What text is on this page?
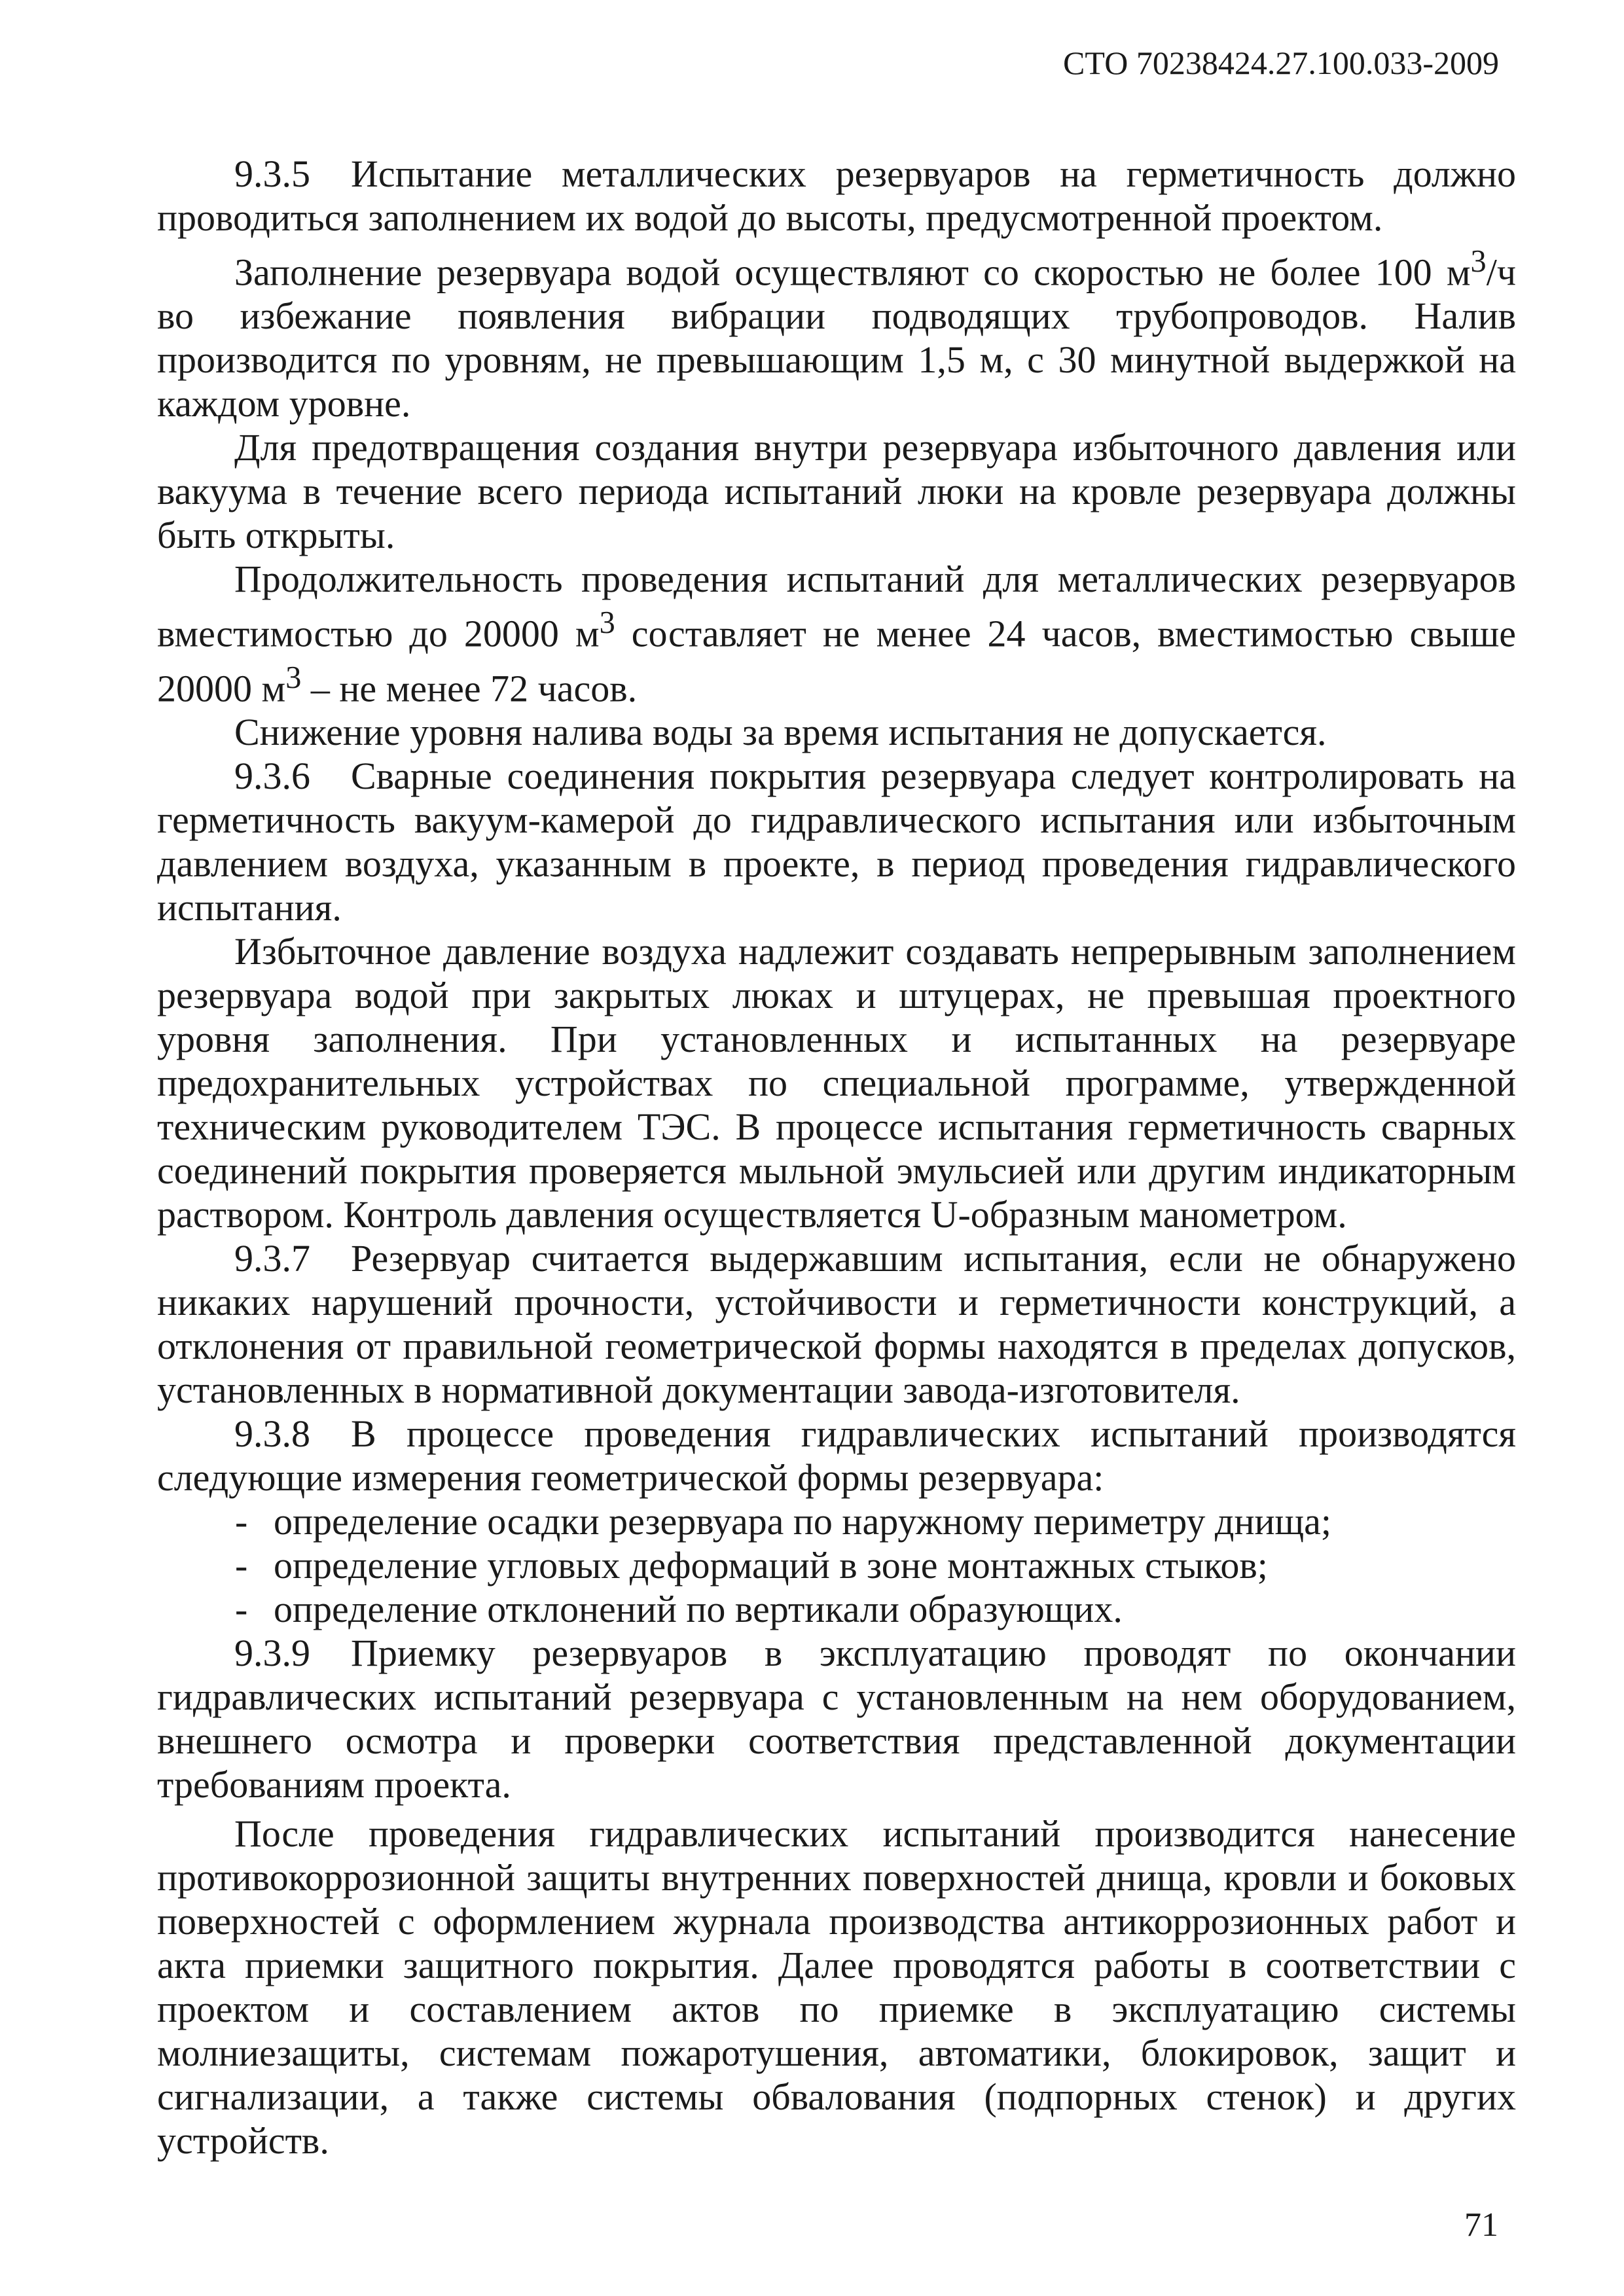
СТО 70238424.27.100.033-2009

9.3.5 Испытание металлических резервуаров на герметичность должно проводиться заполнением их водой до высоты, предусмотренной проектом.

Заполнение резервуара водой осуществляют со скоростью не более 100 $м^3/ч$ во избежание появления вибрации подводящих трубопроводов. Налив производится по уровням, не превышающим 1,5 м, с 30 минутной выдержкой на каждом уровне.

Для предотвращения создания внутри резервуара избыточного давления или вакуума в течение всего периода испытаний люки на кровле резервуара должны быть открыты.

Продолжительность проведения испытаний для металлических резервуаров вместимостью до 20000 $м^3$ составляет не менее 24 часов, вместимостью свыше 20000 $м^3$ – не менее 72 часов.

Снижение уровня налива воды за время испытания не допускается.

9.3.6 Сварные соединения покрытия резервуара следует контролировать на герметичность вакуум-камерой до гидравлического испытания или избыточным давлением воздуха, указанным в проекте, в период проведения гидравлического испытания.

Избыточное давление воздуха надлежит создавать непрерывным заполнением резервуара водой при закрытых люках и штуцерах, не превышая проектного уровня заполнения. При установленных и испытанных на резервуаре предохранительных устройствах по специальной программе, утвержденной техническим руководителем ТЭС. В процессе испытания герметичность сварных соединений покрытия проверяется мыльной эмульсией или другим индикаторным раствором. Контроль давления осуществляется U-образным манометром.

9.3.7 Резервуар считается выдержавшим испытания, если не обнаружено никаких нарушений прочности, устойчивости и герметичности конструкций, а отклонения от правильной геометрической формы находятся в пределах допусков, установленных в нормативной документации завода-изготовителя.

9.3.8 В процессе проведения гидравлических испытаний производятся следующие измерения геометрической формы резервуара:

- определение осадки резервуара по наружному периметру днища;
- определение угловых деформаций в зоне монтажных стыков;
- определение отклонений по вертикали образующих.

9.3.9 Приемку резервуаров в эксплуатацию проводят по окончании гидравлических испытаний резервуара с установленным на нем оборудованием, внешнего осмотра и проверки соответствия представленной документации требованиям проекта.

После проведения гидравлических испытаний производится нанесение противокоррозионной защиты внутренних поверхностей днища, кровли и боковых поверхностей с оформлением журнала производства антикоррозионных работ и акта приемки защитного покрытия. Далее проводятся работы в соответствии с проектом и составлением актов по приемке в эксплуатацию системы молниезащиты, системам пожаротушения, автоматики, блокировок, защит и сигнализации, а также системы обвалования (подпорных стенок) и других устройств.

71
